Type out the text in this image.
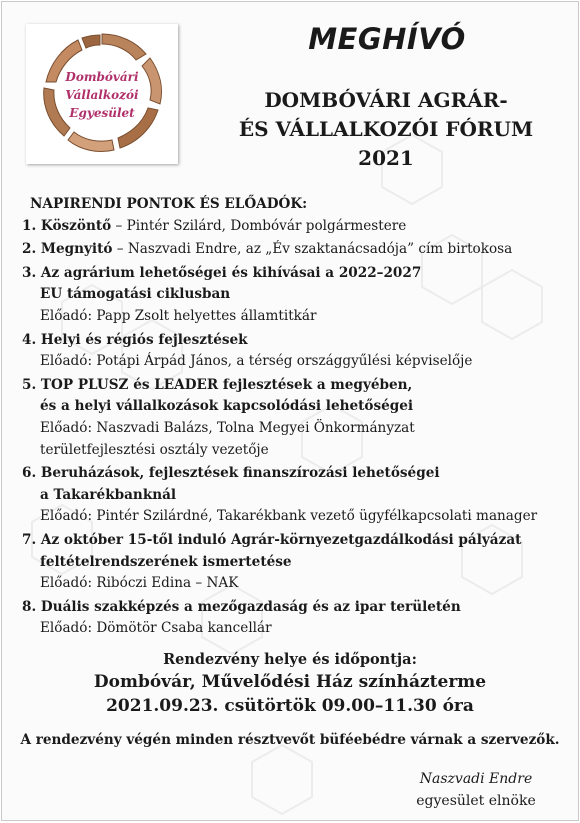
Dombóvári
Vállalkozói
Egyesület
MEGHÍVÓ
DOMBÓVÁRI AGRÁR-
ÉS VÁLLALKOZÓI FÓRUM
2021
NAPIRENDI PONTOK ÉS ELŐADÓK:
1. Köszöntő – Pintér Szilárd, Dombóvár polgármestere
2. Megnyitó – Naszvadi Endre, az „Év szaktanácsadója” cím birtokosa
3. Az agrárium lehetőségei és kihívásai a 2022–2027
EU támogatási ciklusban
Előadó: Papp Zsolt helyettes államtitkár
4. Helyi és régiós fejlesztések
Előadó: Potápi Árpád János, a térség országgyűlési képviselője
5. TOP PLUSZ és LEADER fejlesztések a megyében,
és a helyi vállalkozások kapcsolódási lehetőségei
Előadó: Naszvadi Balázs, Tolna Megyei Önkormányzat
területfejlesztési osztály vezetője
6. Beruházások, fejlesztések finanszírozási lehetőségei
a Takarékbanknál
Előadó: Pintér Szilárdné, Takarékbank vezető ügyfélkapcsolati manager
7. Az október 15-től induló Agrár-környezetgazdálkodási pályázat
feltételrendszerének ismertetése
Előadó: Ribóczi Edina – NAK
8. Duális szakképzés a mezőgazdaság és az ipar területén
Előadó: Dömötör Csaba kancellár
Rendezvény helye és időpontja:
Dombóvár, Művelődési Ház színházterme
2021.09.23. csütörtök 09.00–11.30 óra
A rendezvény végén minden résztvevőt büféebédre várnak a szervezők.
Naszvadi Endre
egyesület elnöke
